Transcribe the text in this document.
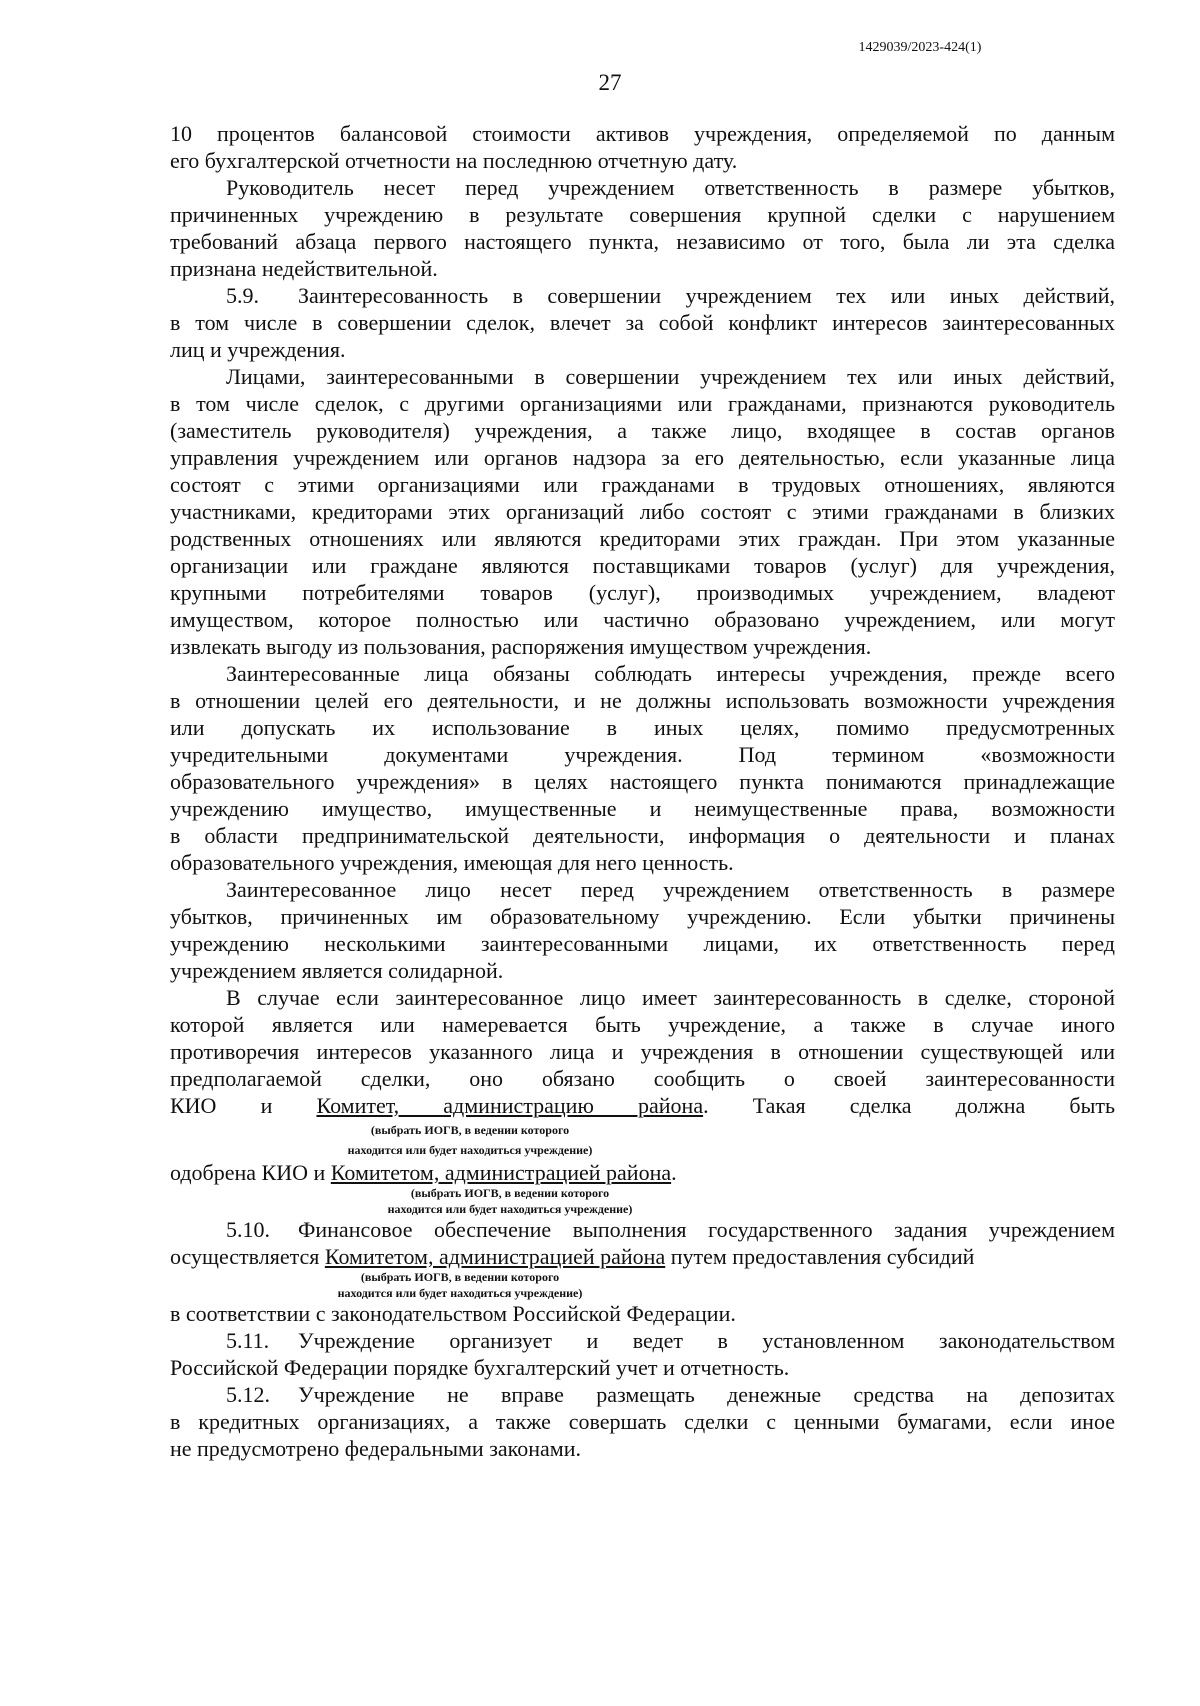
1429039/2023-424(1)
27
10 процентов балансовой стоимости активов учреждения, определяемой по данным
его бухгалтерской отчетности на последнюю отчетную дату.
Руководитель несет перед учреждением ответственность в размере убытков,
причиненных учреждению в результате совершения крупной сделки с нарушением
требований абзаца первого настоящего пункта, независимо от того, была ли эта сделка
признана недействительной.
5.9. Заинтересованность в совершении учреждением тех или иных действий,
в том числе в совершении сделок, влечет за собой конфликт интересов заинтересованных
лиц и учреждения.
Лицами, заинтересованными в совершении учреждением тех или иных действий,
в том числе сделок, с другими организациями или гражданами, признаются руководитель
(заместитель руководителя) учреждения, а также лицо, входящее в состав органов
управления учреждением или органов надзора за его деятельностью, если указанные лица
состоят с этими организациями или гражданами в трудовых отношениях, являются
участниками, кредиторами этих организаций либо состоят с этими гражданами в близких
родственных отношениях или являются кредиторами этих граждан. При этом указанные
организации или граждане являются поставщиками товаров (услуг) для учреждения,
крупными потребителями товаров (услуг), производимых учреждением, владеют
имуществом, которое полностью или частично образовано учреждением, или могут
извлекать выгоду из пользования, распоряжения имуществом учреждения.
Заинтересованные лица обязаны соблюдать интересы учреждения, прежде всего
в отношении целей его деятельности, и не должны использовать возможности учреждения
или допускать их использование в иных целях, помимо предусмотренных
учредительными документами учреждения. Под термином «возможности
образовательного учреждения» в целях настоящего пункта понимаются принадлежащие
учреждению имущество, имущественные и неимущественные права, возможности
в области предпринимательской деятельности, информация о деятельности и планах
образовательного учреждения, имеющая для него ценность.
Заинтересованное лицо несет перед учреждением ответственность в размере
убытков, причиненных им образовательному учреждению. Если убытки причинены
учреждению несколькими заинтересованными лицами, их ответственность перед
учреждением является солидарной.
В случае если заинтересованное лицо имеет заинтересованность в сделке, стороной
которой является или намеревается быть учреждение, а также в случае иного
противоречия интересов указанного лица и учреждения в отношении существующей или
предполагаемой сделки, оно обязано сообщить о своей заинтересованности
КИО и Комитет, администрацию района. Такая сделка должна быть
(выбрать ИОГВ, в ведении которого
находится или будет находиться учреждение)
одобрена КИО и Комитетом, администрацией района.
(выбрать ИОГВ, в ведении которого
находится или будет находиться учреждение)
5.10. Финансовое обеспечение выполнения государственного задания учреждением
осуществляется Комитетом, администрацией района путем предоставления субсидий
(выбрать ИОГВ, в ведении которого
находится или будет находиться учреждение)
в соответствии с законодательством Российской Федерации.
5.11. Учреждение организует и ведет в установленном законодательством
Российской Федерации порядке бухгалтерский учет и отчетность.
5.12. Учреждение не вправе размещать денежные средства на депозитах
в кредитных организациях, а также совершать сделки с ценными бумагами, если иное
не предусмотрено федеральными законами.
